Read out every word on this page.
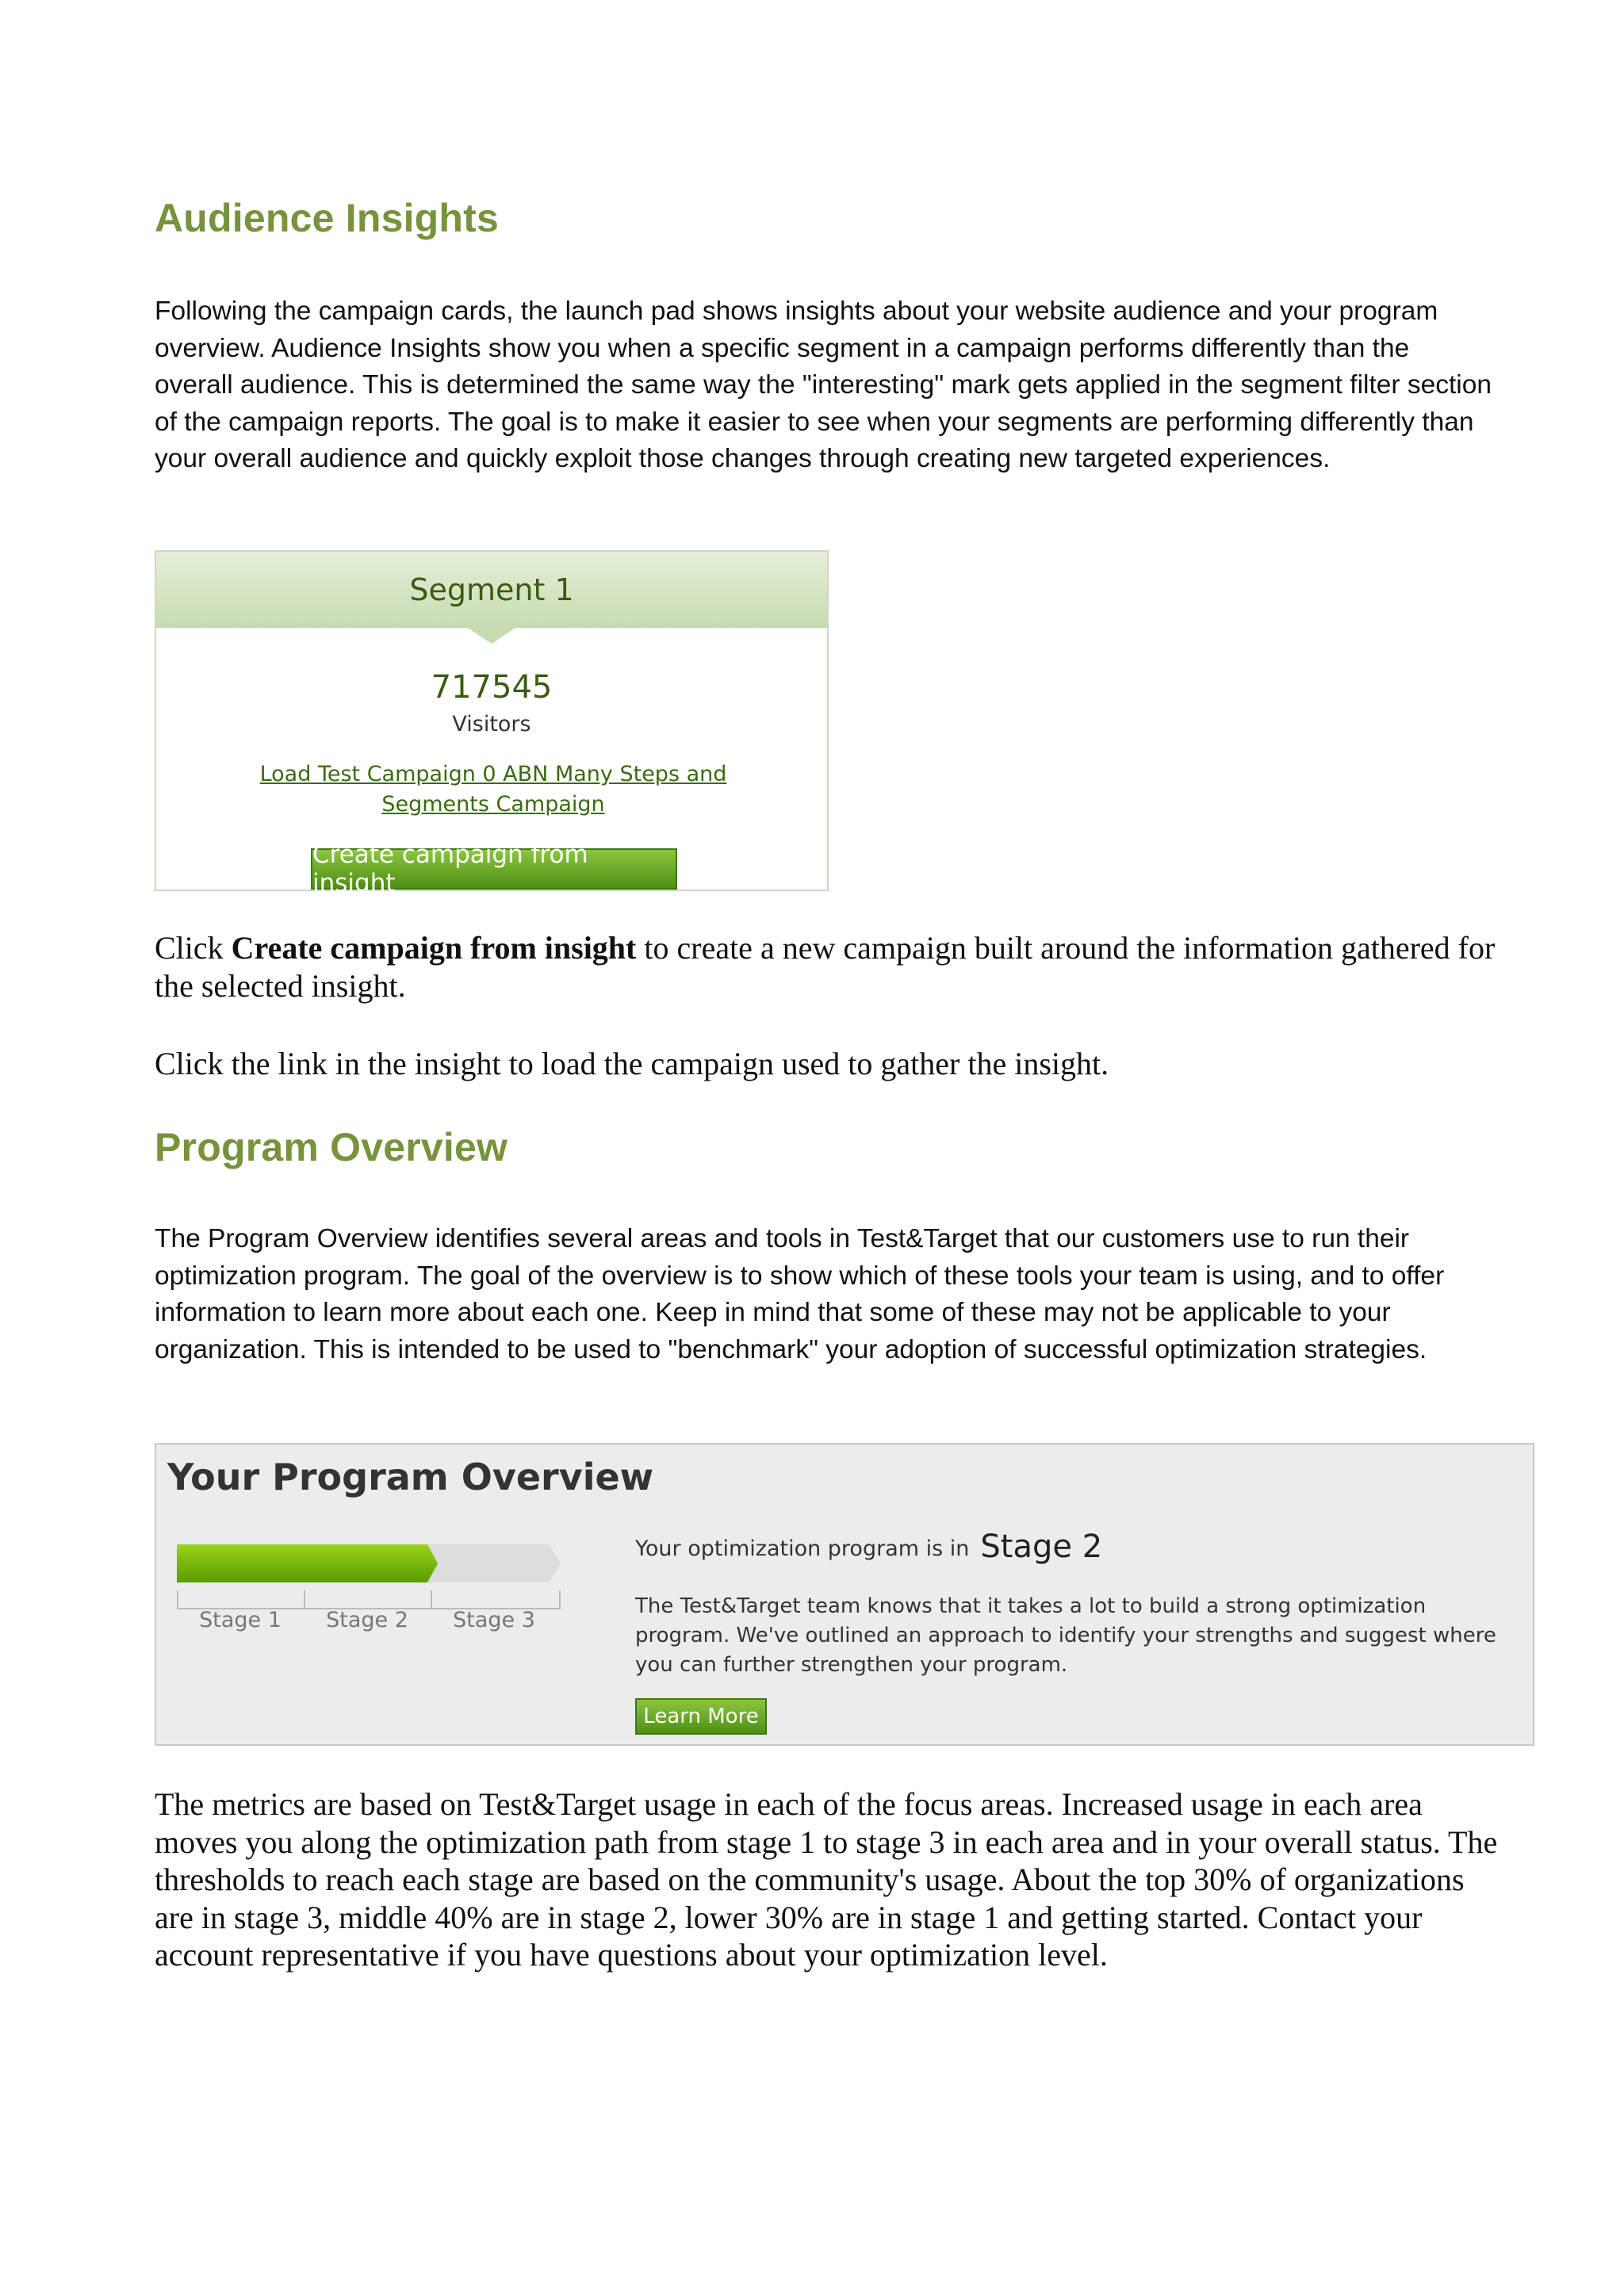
Audience Insights

Following the campaign cards, the launch pad shows insights about your website audience and your program overview. Audience Insights show you when a specific segment in a campaign performs differently than the overall audience. This is determined the same way the "interesting" mark gets applied in the segment filter section of the campaign reports. The goal is to make it easier to see when your segments are performing differently than your overall audience and quickly exploit those changes through creating new targeted experiences.

Segment 1
717545
Visitors
Load Test Campaign 0 ABN Many Steps and Segments Campaign
Create campaign from insight

Click Create campaign from insight to create a new campaign built around the information gathered for the selected insight.

Click the link in the insight to load the campaign used to gather the insight.

Program Overview

The Program Overview identifies several areas and tools in Test&Target that our customers use to run their optimization program. The goal of the overview is to show which of these tools your team is using, and to offer information to learn more about each one. Keep in mind that some of these may not be applicable to your organization. This is intended to be used to "benchmark" your adoption of successful optimization strategies.

Your Program Overview
Stage 1	Stage 2	Stage 3
Your optimization program is in Stage 2
The Test&Target team knows that it takes a lot to build a strong optimization program. We've outlined an approach to identify your strengths and suggest where you can further strengthen your program.
Learn More

The metrics are based on Test&Target usage in each of the focus areas. Increased usage in each area moves you along the optimization path from stage 1 to stage 3 in each area and in your overall status. The thresholds to reach each stage are based on the community's usage. About the top 30% of organizations are in stage 3, middle 40% are in stage 2, lower 30% are in stage 1 and getting started. Contact your account representative if you have questions about your optimization level.
